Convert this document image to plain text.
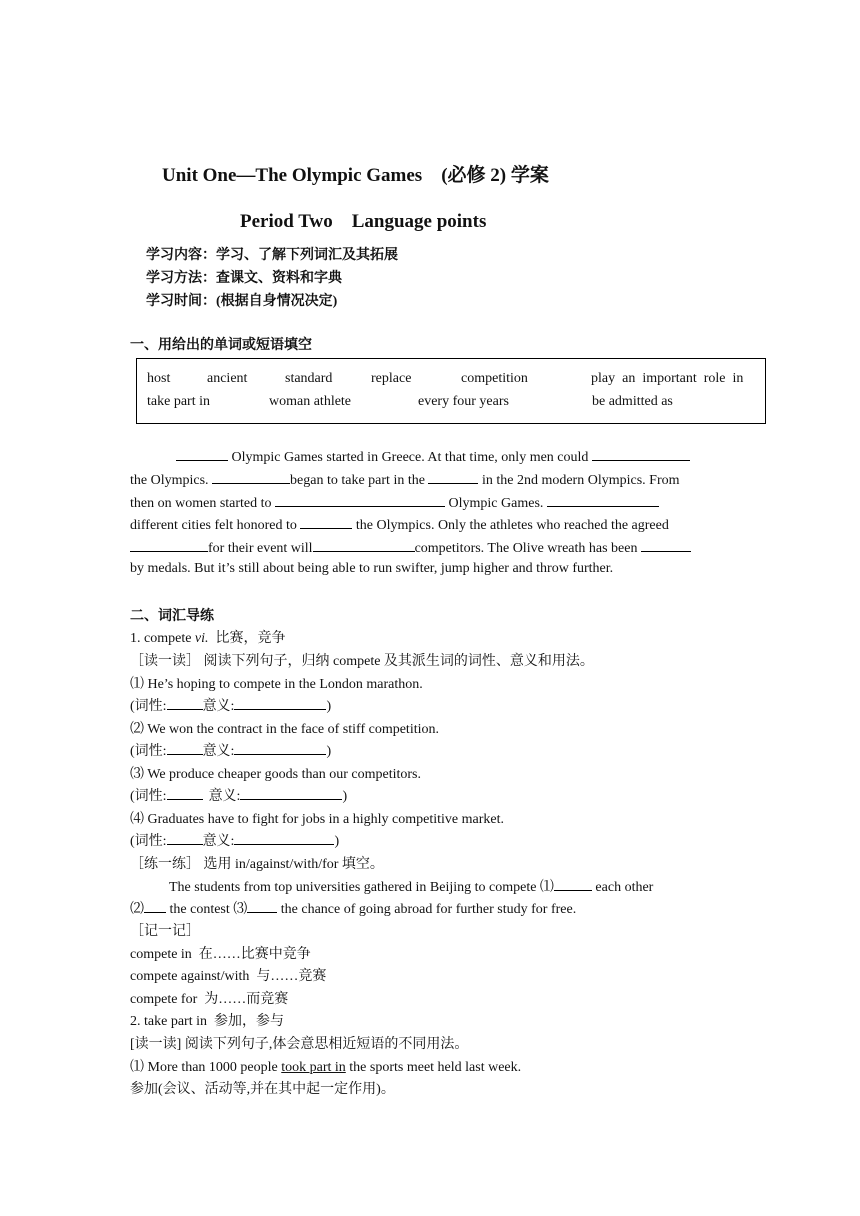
Unit One—The Olympic Games　(必修 2) 学案
Period Two　Language points
学习内容：学习、了解下列词汇及其拓展
学习方法：查课文、资料和字典
学习时间：(根据自身情况决定)
一、用给出的单词或短语填空
host	ancient	standard	replace	competition	play  an  important  role  in
take part in	woman athlete	every four years	be admitted as
Olympic Games started in Greece. At that time, only men could
the Olympics.	began to take part in the	in the 2nd modern Olympics. From
then on women started to	Olympic Games.
different cities felt honored to	the Olympics. Only the athletes who reached the agreed
for their event will	competitors. The Olive wreath has been
by medals. But it’s still about being able to run swifter, jump higher and throw further.
二、词汇导练
1. compete vi.  比赛，竞争
［读一读］ 阅读下列句子，归纳 compete 及其派生词的词性、意义和用法。
⑴ He’s hoping to compete in the London marathon.
(词性:	意义:	)
⑵ We won the contract in the face of stiff competition.
(词性:	意义:	)
⑶ We produce cheaper goods than our competitors.
(词性:	意义:	)
⑷ Graduates have to fight for jobs in a highly competitive market.
(词性:	意义:	)
［练一练］ 选用 in/against/with/for 填空。
The students from top universities gathered in Beijing to compete ⑴	each other
⑵ the contest ⑶ the chance of going abroad for further study for free.
［记一记］
compete in  在……比赛中竞争
compete against/with  与……竞赛
compete for  为……而竞赛
2. take part in  参加，参与
[读一读] 阅读下列句子,体会意思相近短语的不同用法。
⑴ More than 1000 people took part in the sports meet held last week.
参加(会议、活动等,并在其中起一定作用)。
